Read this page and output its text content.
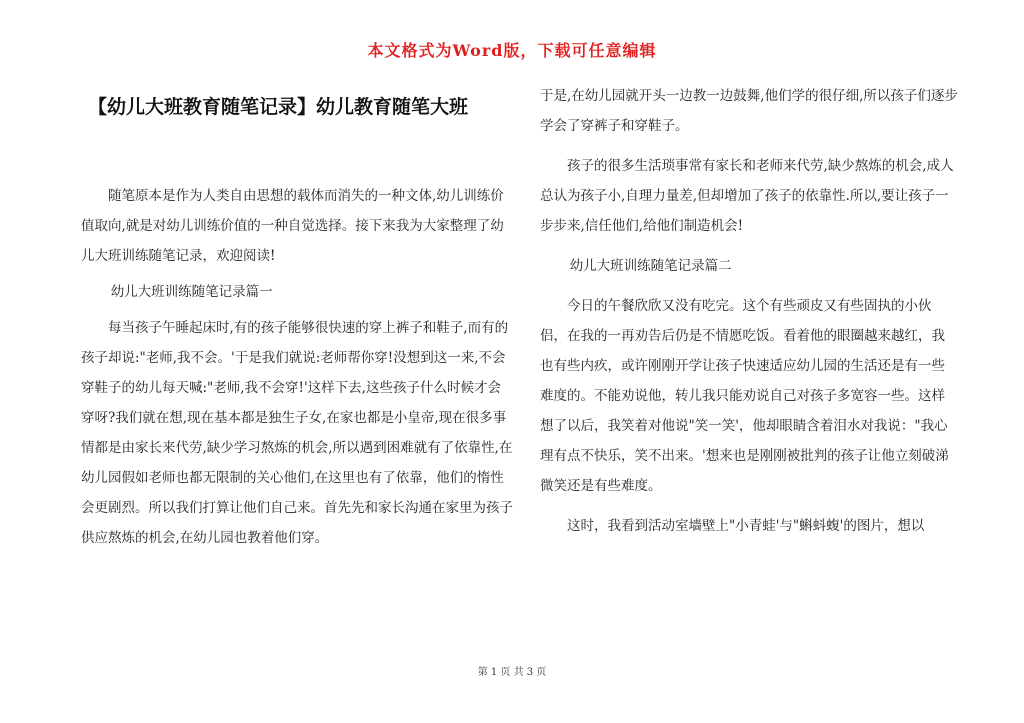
本文格式为Word版，下载可任意编辑
【幼儿大班教育随笔记录】幼儿教育随笔大班

随笔原本是作为人类自由思想的载体而消失的一种文体,幼儿训练价值取向,就是对幼儿训练价值的一种自觉选择。接下来我为大家整理了幼儿大班训练随笔记录，欢迎阅读!

幼儿大班训练随笔记录篇一

每当孩子午睡起床时,有的孩子能够很快速的穿上裤子和鞋子,而有的孩子却说:"老师,我不会。'于是我们就说:老师帮你穿!没想到这一来,不会穿鞋子的幼儿每天喊:"老师,我不会穿!'这样下去,这些孩子什么时候才会穿呀?我们就在想,现在基本都是独生子女,在家也都是小皇帝,现在很多事情都是由家长来代劳,缺少学习熬炼的机会,所以遇到困难就有了依靠性,在幼儿园假如老师也都无限制的关心他们,在这里也有了依靠，他们的惰性会更剧烈。所以我们打算让他们自己来。首先先和家长沟通在家里为孩子供应熬炼的机会,在幼儿园也教着他们穿。

于是,在幼儿园就开头一边教一边鼓舞,他们学的很仔细,所以孩子们逐步学会了穿裤子和穿鞋子。

孩子的很多生活琐事常有家长和老师来代劳,缺少熬炼的机会,成人总认为孩子小,自理力量差,但却增加了孩子的依靠性.所以,要让孩子一步步来,信任他们,给他们制造机会!

幼儿大班训练随笔记录篇二

今日的午餐欣欣又没有吃完。这个有些顽皮又有些固执的小伙侣，在我的一再劝告后仍是不情愿吃饭。看着他的眼圈越来越红，我也有些内疚，或许刚刚开学让孩子快速适应幼儿园的生活还是有一些难度的。不能劝说他，转儿我只能劝说自己对孩子多宽容一些。这样想了以后，我笑着对他说"笑一笑'，他却眼睛含着泪水对我说："我心理有点不快乐，笑不出来。'想来也是刚刚被批判的孩子让他立刻破涕微笑还是有些难度。

这时，我看到活动室墙壁上"小青蛙'与"蝌蚪蝮'的图片，想以

第 1 页 共 3 页
